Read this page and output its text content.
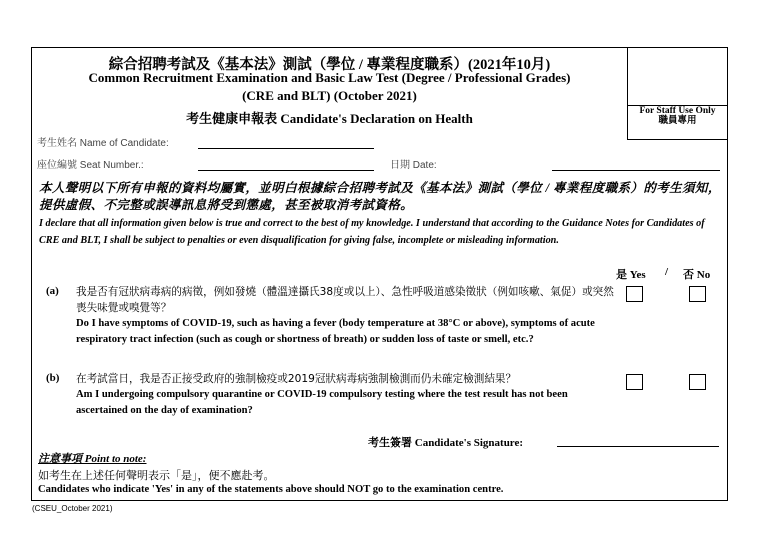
For Staff Use Only
職員專用
綜合招聘考試及《基本法》測試（學位 / 專業程度職系）(2021年10月)
Common Recruitment Examination and Basic Law Test (Degree / Professional Grades)
(CRE and BLT) (October 2021)
考生健康申報表 Candidate's Declaration on Health
考生姓名 Name of Candidate:
座位編號 Seat Number.:	日期 Date:
本人聲明以下所有申報的資料均屬實，並明白根據綜合招聘考試及《基本法》測試（學位 / 專業程度職系）的考生須知，提供虛假、不完整或誤導訊息將受到懲處，甚至被取消考試資格。
I declare that all information given below is true and correct to the best of my knowledge. I understand that according to the Guidance Notes for Candidates of CRE and BLT, I shall be subject to penalties or even disqualification for giving false, incomplete or misleading information.
是 Yes / 否 No
(a) 我是否有冠狀病毒病的病徵，例如發燒（體溫達攝氏38度或以上）、急性呼吸道感染徵狀（例如咳嗽、氣促）或突然喪失味覺或嗅覺等？
Do I have symptoms of COVID-19, such as having a fever (body temperature at 38°C or above), symptoms of acute respiratory tract infection (such as cough or shortness of breath) or sudden loss of taste or smell, etc.?
(b) 在考試當日，我是否正接受政府的強制檢疫或2019冠狀病毒病強制檢測而仍未確定檢測結果？
Am I undergoing compulsory quarantine or COVID-19 compulsory testing where the test result has not been ascertained on the day of examination?
考生簽署 Candidate's Signature:
注意事項 Point to note:
如考生在上述任何聲明表示「是」，便不應赴考。
Candidates who indicate 'Yes' in any of the statements above should NOT go to the examination centre.
(CSEU_October 2021)
